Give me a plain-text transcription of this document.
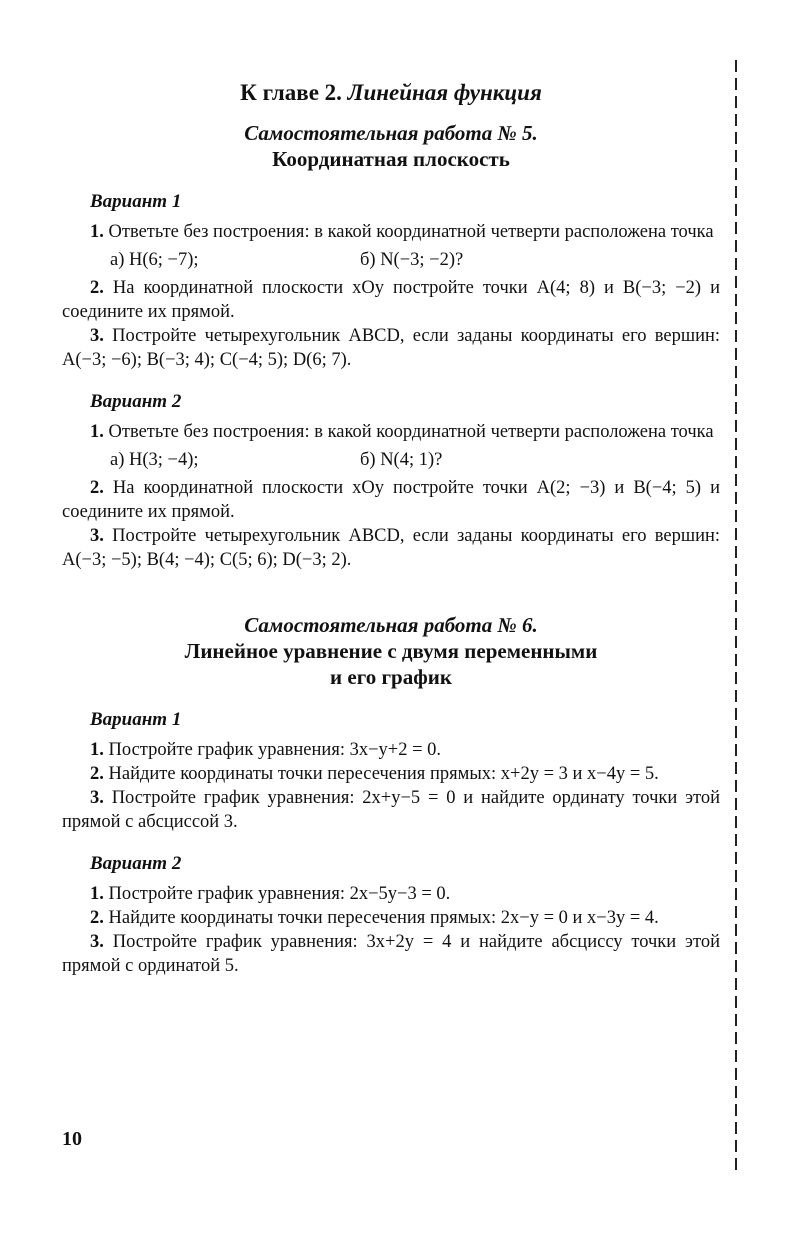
К главе 2. Линейная функция
Самостоятельная работа № 5.
Координатная плоскость
Вариант 1

1. Ответьте без построения: в какой координатной четверти расположена точка

а) H(6; −7);	б) N(−3; −2)?

2. На координатной плоскости xOy постройте точки A(4; 8) и B(−3; −2) и соедините их прямой.

3. Постройте четырехугольник ABCD, если заданы координаты его вершин: A(−3; −6); B(−3; 4); C(−4; 5); D(6; 7).

Вариант 2

1. Ответьте без построения: в какой координатной четверти расположена точка

а) H(3; −4);	б) N(4; 1)?

2. На координатной плоскости xOy постройте точки A(2; −3) и B(−4; 5) и соедините их прямой.

3. Постройте четырехугольник ABCD, если заданы координаты его вершин: A(−3; −5); B(4; −4); C(5; 6); D(−3; 2).

Самостоятельная работа № 6.
Линейное уравнение с двумя переменными
и его график
Вариант 1

1. Постройте график уравнения: 3x−y+2 = 0.

2. Найдите координаты точки пересечения прямых: x+2y = 3 и x−4y = 5.

3. Постройте график уравнения: 2x+y−5 = 0 и найдите ординату точки этой прямой с абсциссой 3.

Вариант 2

1. Постройте график уравнения: 2x−5y−3 = 0.

2. Найдите координаты точки пересечения прямых: 2x−y = 0 и x−3y = 4.

3. Постройте график уравнения: 3x+2y = 4 и найдите абсциссу точки этой прямой с ординатой 5.

10
